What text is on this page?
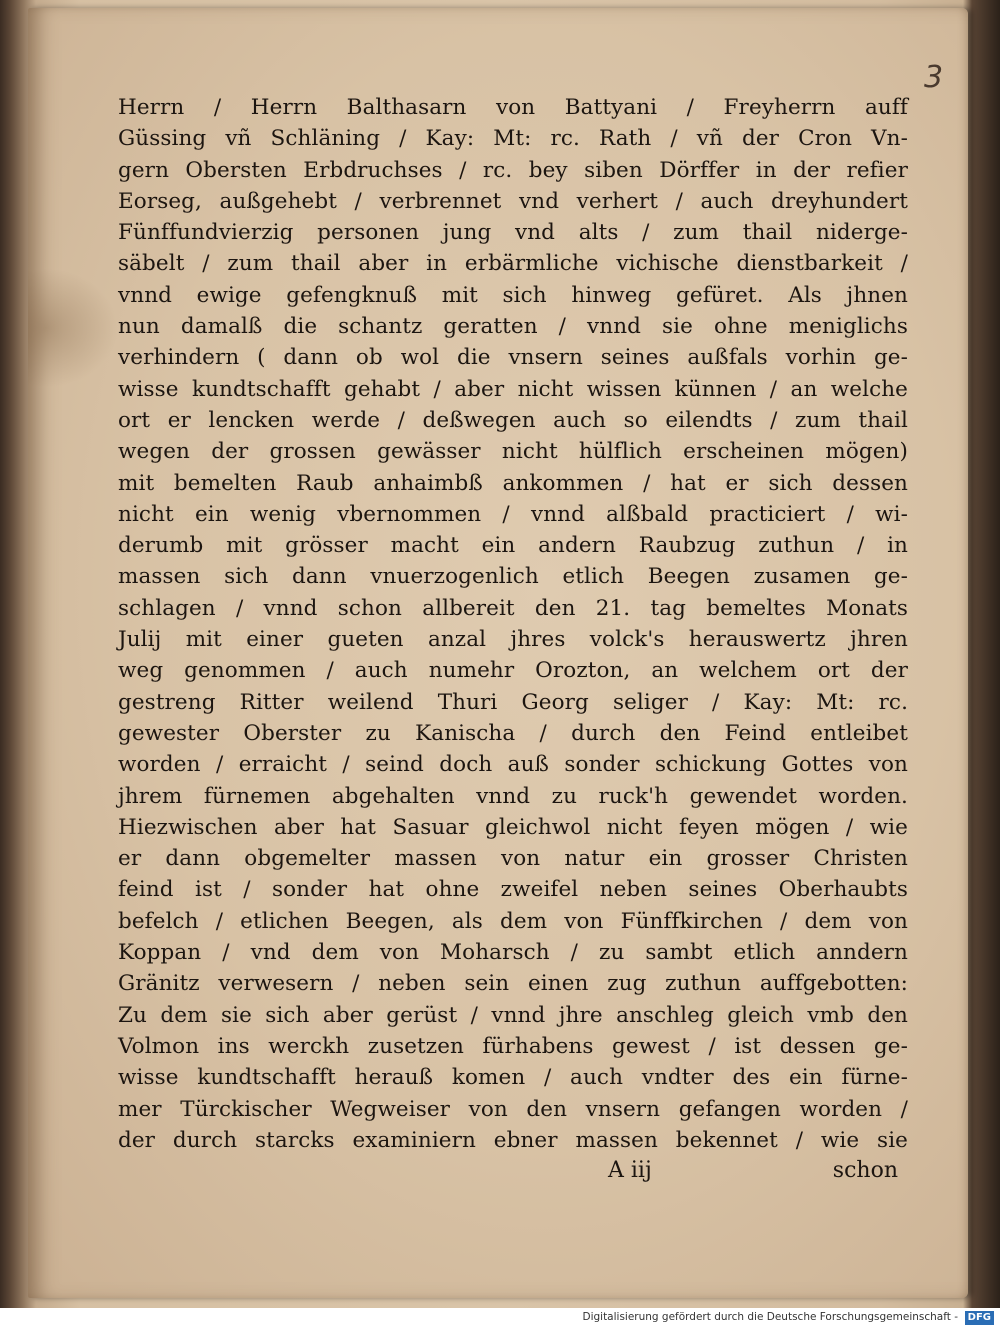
3
Herrn / Herrn Balthasarn von Battyani / Freyherrn auff
Güssing vñ Schläning / Kay: Mt: rc. Rath / vñ der Cron Vn-
gern Obersten Erbdruchses / rc. bey siben Dörffer in der refier
Eorseg, außgehebt / verbrennet vnd verhert / auch dreyhundert
Fünffundvierzig personen jung vnd alts / zum thail niderge-
säbelt / zum thail aber in erbärmliche vichische dienstbarkeit /
vnnd ewige gefengknuß mit sich hinweg gefüret. Als jhnen
nun damalß die schantz geratten / vnnd sie ohne meniglichs
verhindern ( dann ob wol die vnsern seines außfals vorhin ge-
wisse kundtschafft gehabt / aber nicht wissen künnen / an welche
ort er lencken werde / deßwegen auch so eilendts / zum thail
wegen der grossen gewässer nicht hülflich erscheinen mögen)
mit bemelten Raub anhaimbß ankommen / hat er sich dessen
nicht ein wenig vbernommen / vnnd alßbald practiciert / wi-
derumb mit grösser macht ein andern Raubzug zuthun / in
massen sich dann vnuerzogenlich etlich Beegen zusamen ge-
schlagen / vnnd schon allbereit den 21. tag bemeltes Monats
Julij mit einer gueten anzal jhres volck's herauswertz jhren
weg genommen / auch numehr Orozton, an welchem ort der
gestreng Ritter weilend Thuri Georg seliger / Kay: Mt: rc.
gewester Oberster zu Kanischa / durch den Feind entleibet
worden / erraicht / seind doch auß sonder schickung Gottes von
jhrem fürnemen abgehalten vnnd zu ruck'h gewendet worden.
Hiezwischen aber hat Sasuar gleichwol nicht feyen mögen / wie
er dann obgemelter massen von natur ein grosser Christen
feind ist / sonder hat ohne zweifel neben seines Oberhaubts
befelch / etlichen Beegen, als dem von Fünffkirchen / dem von
Koppan / vnd dem von Moharsch / zu sambt etlich anndern
Gränitz verwesern / neben sein einen zug zuthun auffgebotten:
Zu dem sie sich aber gerüst / vnnd jhre anschleg gleich vmb den
Volmon ins werckh zusetzen fürhabens gewest / ist dessen ge-
wisse kundtschafft herauß komen / auch vndter des ein fürne-
mer Türckischer Wegweiser von den vnsern gefangen worden /
der durch starcks examiniern ebner massen bekennet / wie sie
A iij	schon
Digitalisierung gefördert durch die Deutsche Forschungsgemeinschaft - DFG
